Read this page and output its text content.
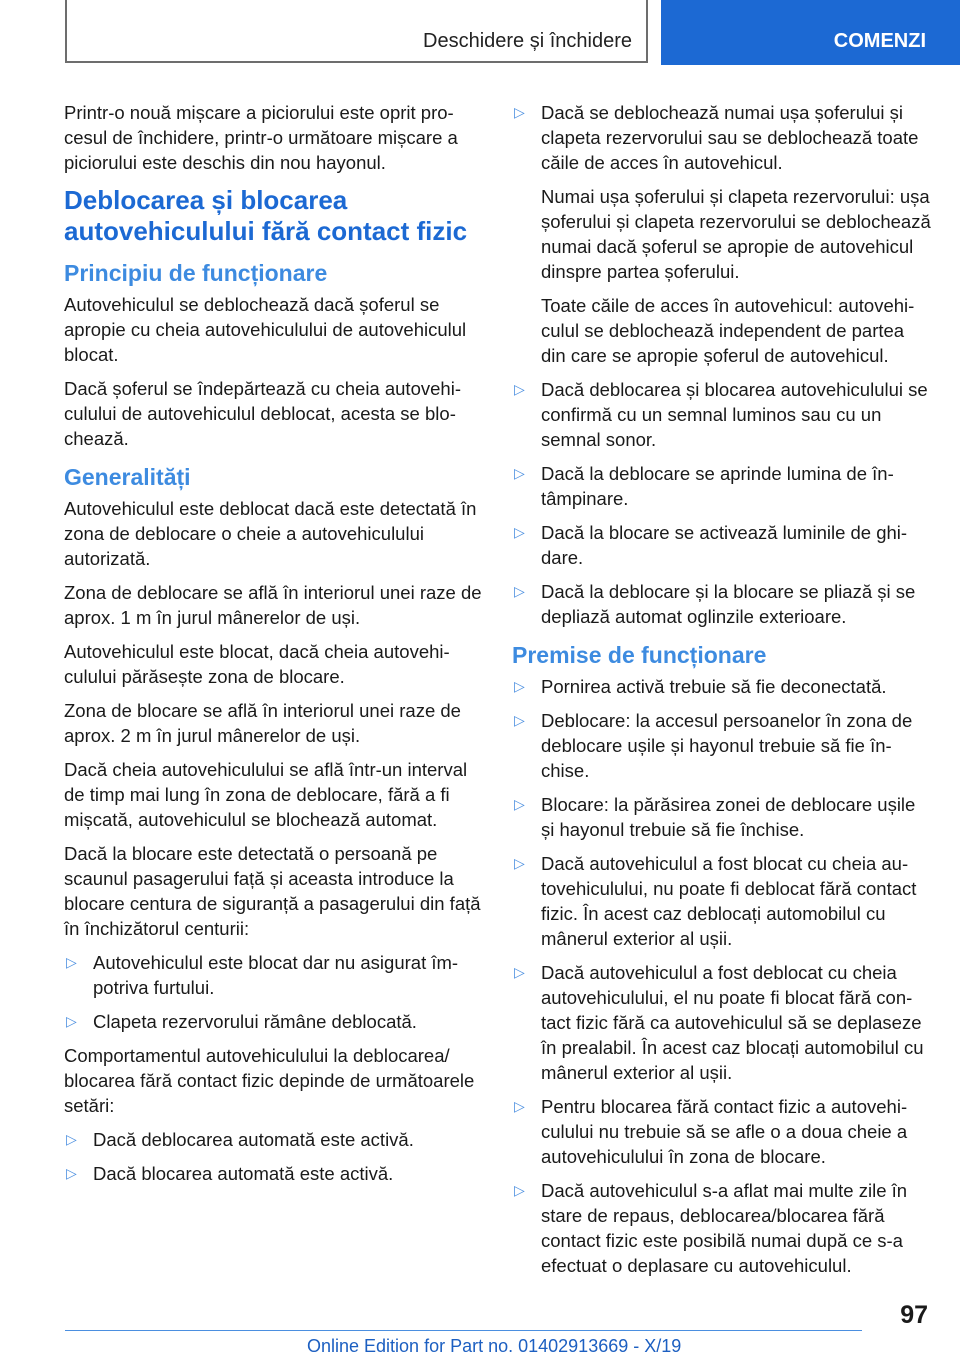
Deschidere și închidere	COMENZI

Printr-o nouă mișcare a piciorului este oprit procesul de închidere, printr-o următoare mișcare a piciorului este deschis din nou hayonul.

Deblocarea și blocarea autovehiculului fără contact fizic
Principiu de funcționare

Autovehiculul se deblochează dacă șoferul se apropie cu cheia autovehiculului de autovehiculul blocat.

Dacă șoferul se îndepărtează cu cheia autovehiculului de autovehiculul deblocat, acesta se blochează.

Generalități

Autovehiculul este deblocat dacă este detectată în zona de deblocare o cheie a autovehiculului autorizată.

Zona de deblocare se află în interiorul unei raze de aprox. 1 m în jurul mânerelor de uși.

Autovehiculul este blocat, dacă cheia autovehiculului părăsește zona de blocare.

Zona de blocare se află în interiorul unei raze de aprox. 2 m în jurul mânerelor de uși.

Dacă cheia autovehiculului se află într-un interval de timp mai lung în zona de deblocare, fără a fi mișcată, autovehiculul se blochează automat.

Dacă la blocare este detectată o persoană pe scaunul pasagerului față și aceasta introduce la blocare centura de siguranță a pasagerului din față în închizătorul centurii:

▷ Autovehiculul este blocat dar nu asigurat împotriva furtului.
▷ Clapeta rezervorului rămâne deblocată.

Comportamentul autovehiculului la deblocarea/ blocarea fără contact fizic depinde de următoarele setări:

▷ Dacă deblocarea automată este activă.
▷ Dacă blocarea automată este activă.
▷ Dacă se deblochează numai ușa șoferului și clapeta rezervorului sau se deblochează toate căile de acces în autovehicul.

Numai ușa șoferului și clapeta rezervorului: ușa șoferului și clapeta rezervorului se deblochează numai dacă șoferul se apropie de autovehicul dinspre partea șoferului.

Toate căile de acces în autovehicul: autovehiculul se deblochează independent de partea din care se apropie șoferul de autovehicul.

▷ Dacă deblocarea și blocarea autovehiculului se confirmă cu un semnal luminos sau cu un semnal sonor.
▷ Dacă la deblocare se aprinde lumina de întâmpinare.
▷ Dacă la blocare se activează luminile de ghidare.
▷ Dacă la deblocare și la blocare se pliază și se depliază automat oglinzile exterioare.
Premise de funcționare
▷ Pornirea activă trebuie să fie deconectată.
▷ Deblocare: la accesul persoanelor în zona de deblocare ușile și hayonul trebuie să fie închise.
▷ Blocare: la părăsirea zonei de deblocare ușile și hayonul trebuie să fie închise.
▷ Dacă autovehiculul a fost blocat cu cheia autovehiculului, nu poate fi deblocat fără contact fizic. În acest caz deblocați automobilul cu mânerul exterior al ușii.
▷ Dacă autovehiculul a fost deblocat cu cheia autovehiculului, el nu poate fi blocat fără contact fizic fără ca autovehiculul să se deplaseze în prealabil. În acest caz blocați automobilul cu mânerul exterior al ușii.
▷ Pentru blocarea fără contact fizic a autovehiculului nu trebuie să se afle o a doua cheie a autovehiculului în zona de blocare.
▷ Dacă autovehiculul s-a aflat mai multe zile în stare de repaus, deblocarea/blocarea fără contact fizic este posibilă numai după ce s-a efectuat o deplasare cu autovehiculul.
97
Online Edition for Part no. 01402913669 - X/19
